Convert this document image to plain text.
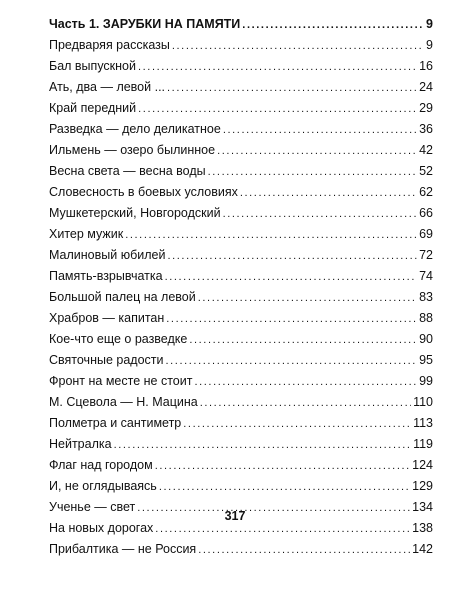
Часть 1. ЗАРУБКИ НА ПАМЯТИ .....	9
Предваряя рассказы .....	9
Бал выпускной .....	16
Ать, два — левой ... .....	24
Край передний .....	29
Разведка — дело деликатное .....	36
Ильмень — озеро былинное .....	42
Весна света — весна воды .....	52
Словесность в боевых условиях .....	62
Мушкетерский, Новгородский .....	66
Хитер мужик .....	69
Малиновый юбилей .....	72
Память-взрывчатка .....	74
Большой палец на левой .....	83
Храбров — капитан .....	88
Кое-что еще о разведке .....	90
Святочные радости .....	95
Фронт на месте не стоит .....	99
М. Сцевола — Н. Мацина .....	110
Полметра и сантиметр .....	113
Нейтралка .....	119
Флаг над городом .....	124
И, не оглядываясь .....	129
Ученье — свет .....	134
На новых дорогах .....	138
Прибалтика — не Россия .....	142
317
